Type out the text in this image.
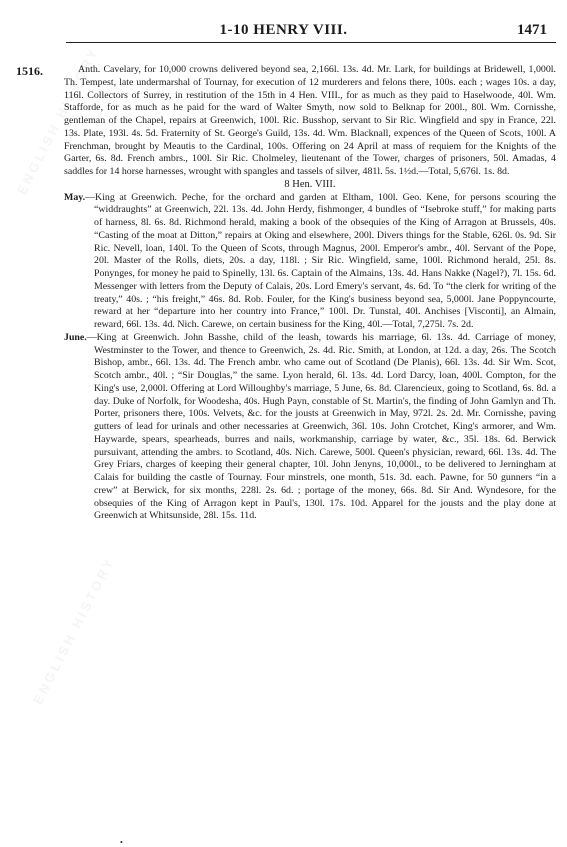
1-10 HENRY VIII.	1471
1516.	Anth. Cavelary, for 10,000 crowns delivered beyond sea, 2,166l. 13s. 4d. Mr. Lark, for buildings at Bridewell, 1,000l. Th. Tempest, late undermarshal of Tournay, for execution of 12 murderers and felons there, 100s. each ; wages 10s. a day, 116l. Collectors of Surrey, in restitution of the 15th in 4 Hen. VIII., for as much as they paid to Haselwoode, 40l. Wm. Stafforde, for as much as he paid for the ward of Walter Smyth, now sold to Belknap for 200l., 80l. Wm. Cornisshe, gentleman of the Chapel, repairs at Greenwich, 100l. Ric. Busshop, servant to Sir Ric. Wingfield and spy in France, 22l. 13s. Plate, 193l. 4s. 5d. Fraternity of St. George's Guild, 13s. 4d. Wm. Blacknall, expences of the Queen of Scots, 100l. A Frenchman, brought by Meautis to the Cardinal, 100s. Offering on 24 April at mass of requiem for the Knights of the Garter, 6s. 8d. French ambrs., 100l. Sir Ric. Cholmeley, lieutenant of the Tower, charges of prisoners, 50l. Amadas, 4 saddles for 14 horse harnesses, wrought with spangles and tassels of silver, 481l. 5s. 1½d.—Total, 5,676l. 1s. 8d.

8 Hen. VIII.

May.—King at Greenwich. Peche, for the orchard and garden at Eltham, 100l. Geo. Kene, for persons scouring the “widdraughts” at Greenwich, 22l. 13s. 4d. John Herdy, fishmonger, 4 bundles of “Isebroke stuff,” for making parts of harness, 8l. 6s. 8d. Richmond herald, making a book of the obsequies of the King of Arragon at Brussels, 40s. “Casting of the moat at Ditton,” repairs at Oking and elsewhere, 200l. Divers things for the Stable, 626l. 0s. 9d. Sir Ric. Nevell, loan, 140l. To the Queen of Scots, through Magnus, 200l. Emperor's ambr., 40l. Servant of the Pope, 20l. Master of the Rolls, diets, 20s. a day, 118l. ; Sir Ric. Wingfield, same, 100l. Richmond herald, 25l. 8s. Ponynges, for money he paid to Spinelly, 13l. 6s. Captain of the Almains, 13s. 4d. Hans Nakke (Nagel?), 7l. 15s. 6d. Messenger with letters from the Deputy of Calais, 20s. Lord Emery's servant, 4s. 6d. To “the clerk for writing of the treaty,” 40s. ; “his freight,” 46s. 8d. Rob. Fouler, for the King's business beyond sea, 5,000l. Jane Poppyncourte, reward at her “departure into her country into France,” 100l. Dr. Tunstal, 40l. Anchises [Visconti], an Almain, reward, 66l. 13s. 4d. Nich. Carewe, on certain business for the King, 40l.—Total, 7,275l. 7s. 2d.

June.—King at Greenwich. John Basshe, child of the leash, towards his marriage, 6l. 13s. 4d. Carriage of money, Westminster to the Tower, and thence to Greenwich, 2s. 4d. Ric. Smith, at London, at 12d. a day, 26s. The Scotch Bishop, ambr., 66l. 13s. 4d. The French ambr. who came out of Scotland (De Planis), 66l. 13s. 4d. Sir Wm. Scot, Scotch ambr., 40l. ; “Sir Douglas,” the same. Lyon herald, 6l. 13s. 4d. Lord Darcy, loan, 400l. Compton, for the King's use, 2,000l. Offering at Lord Willoughby's marriage, 5 June, 6s. 8d. Clarencieux, going to Scotland, 6s. 8d. a day. Duke of Norfolk, for Woodesha, 40s. Hugh Payn, constable of St. Martin's, the finding of John Gamlyn and Th. Porter, prisoners there, 100s. Velvets, &c. for the jousts at Greenwich in May, 972l. 2s. 2d. Mr. Cornisshe, paving gutters of lead for urinals and other necessaries at Greenwich, 36l. 10s. John Crotchet, King's armorer, and Wm. Haywarde, spears, spearheads, burres and nails, workmanship, carriage by water, &c., 35l. 18s. 6d. Berwick pursuivant, attending the ambrs. to Scotland, 40s. Nich. Carewe, 500l. Queen's physician, reward, 66l. 13s. 4d. The Grey Friars, charges of keeping their general chapter, 10l. John Jenyns, 10,000l., to be delivered to Jerningham at Calais for building the castle of Tournay. Four minstrels, one month, 51s. 3d. each. Pawne, for 50 gunners “in a crew” at Berwick, for six months, 228l. 2s. 6d. ; portage of the money, 66s. 8d. Sir And. Wyndesore, for the obsequies of the King of Arragon kept in Paul's, 130l. 17s. 10d. Apparel for the jousts and the play done at Greenwich at Whitsunside, 28l. 15s. 11d.

•
